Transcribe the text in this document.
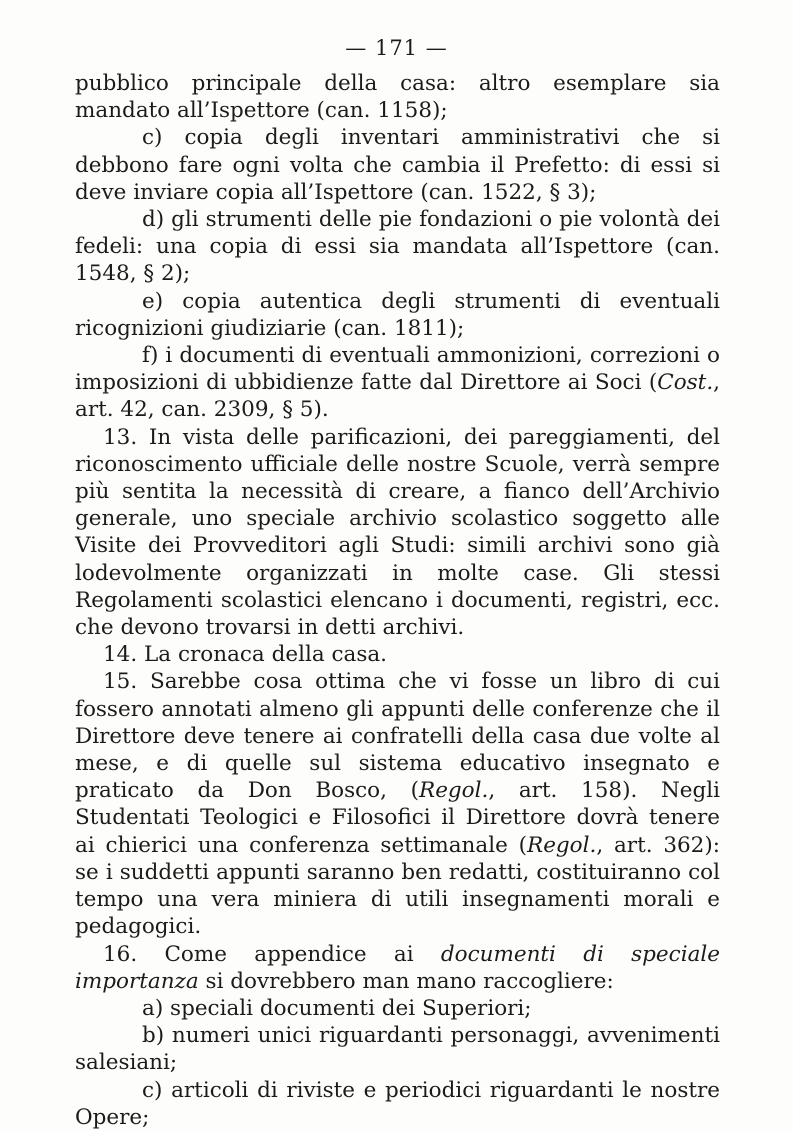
— 171 —

pubblico principale della casa: altro esemplare sia mandato all’Ispettore (can. 1158);

c) copia degli inventari amministrativi che si debbono fare ogni volta che cambia il Prefetto: di essi si deve inviare copia all’Ispettore (can. 1522, § 3);

d) gli strumenti delle pie fondazioni o pie volontà dei fedeli: una copia di essi sia mandata all’Ispettore (can. 1548, § 2);

e) copia autentica degli strumenti di eventuali ricognizioni giudiziarie (can. 1811);

f) i documenti di eventuali ammonizioni, correzioni o imposizioni di ubbidienze fatte dal Direttore ai Soci (Cost., art. 42, can. 2309, § 5).

13. In vista delle parificazioni, dei pareggiamenti, del riconoscimento ufficiale delle nostre Scuole, verrà sempre più sentita la necessità di creare, a fianco dell’Archivio generale, uno speciale archivio scolastico soggetto alle Visite dei Provveditori agli Studi: simili archivi sono già lodevolmente organizzati in molte case. Gli stessi Regolamenti scolastici elencano i documenti, registri, ecc. che devono trovarsi in detti archivi.

14. La cronaca della casa.

15. Sarebbe cosa ottima che vi fosse un libro di cui fossero annotati almeno gli appunti delle conferenze che il Direttore deve tenere ai confratelli della casa due volte al mese, e di quelle sul sistema educativo insegnato e praticato da Don Bosco, (Regol., art. 158). Negli Studentati Teologici e Filosofici il Direttore dovrà tenere ai chierici una conferenza settimanale (Regol., art. 362): se i suddetti appunti saranno ben redatti, costituiranno col tempo una vera miniera di utili insegnamenti morali e pedagogici.

16. Come appendice ai documenti di speciale importanza si dovrebbero man mano raccogliere:

a) speciali documenti dei Superiori;

b) numeri unici riguardanti personaggi, avvenimenti salesiani;

c) articoli di riviste e periodici riguardanti le nostre Opere;
